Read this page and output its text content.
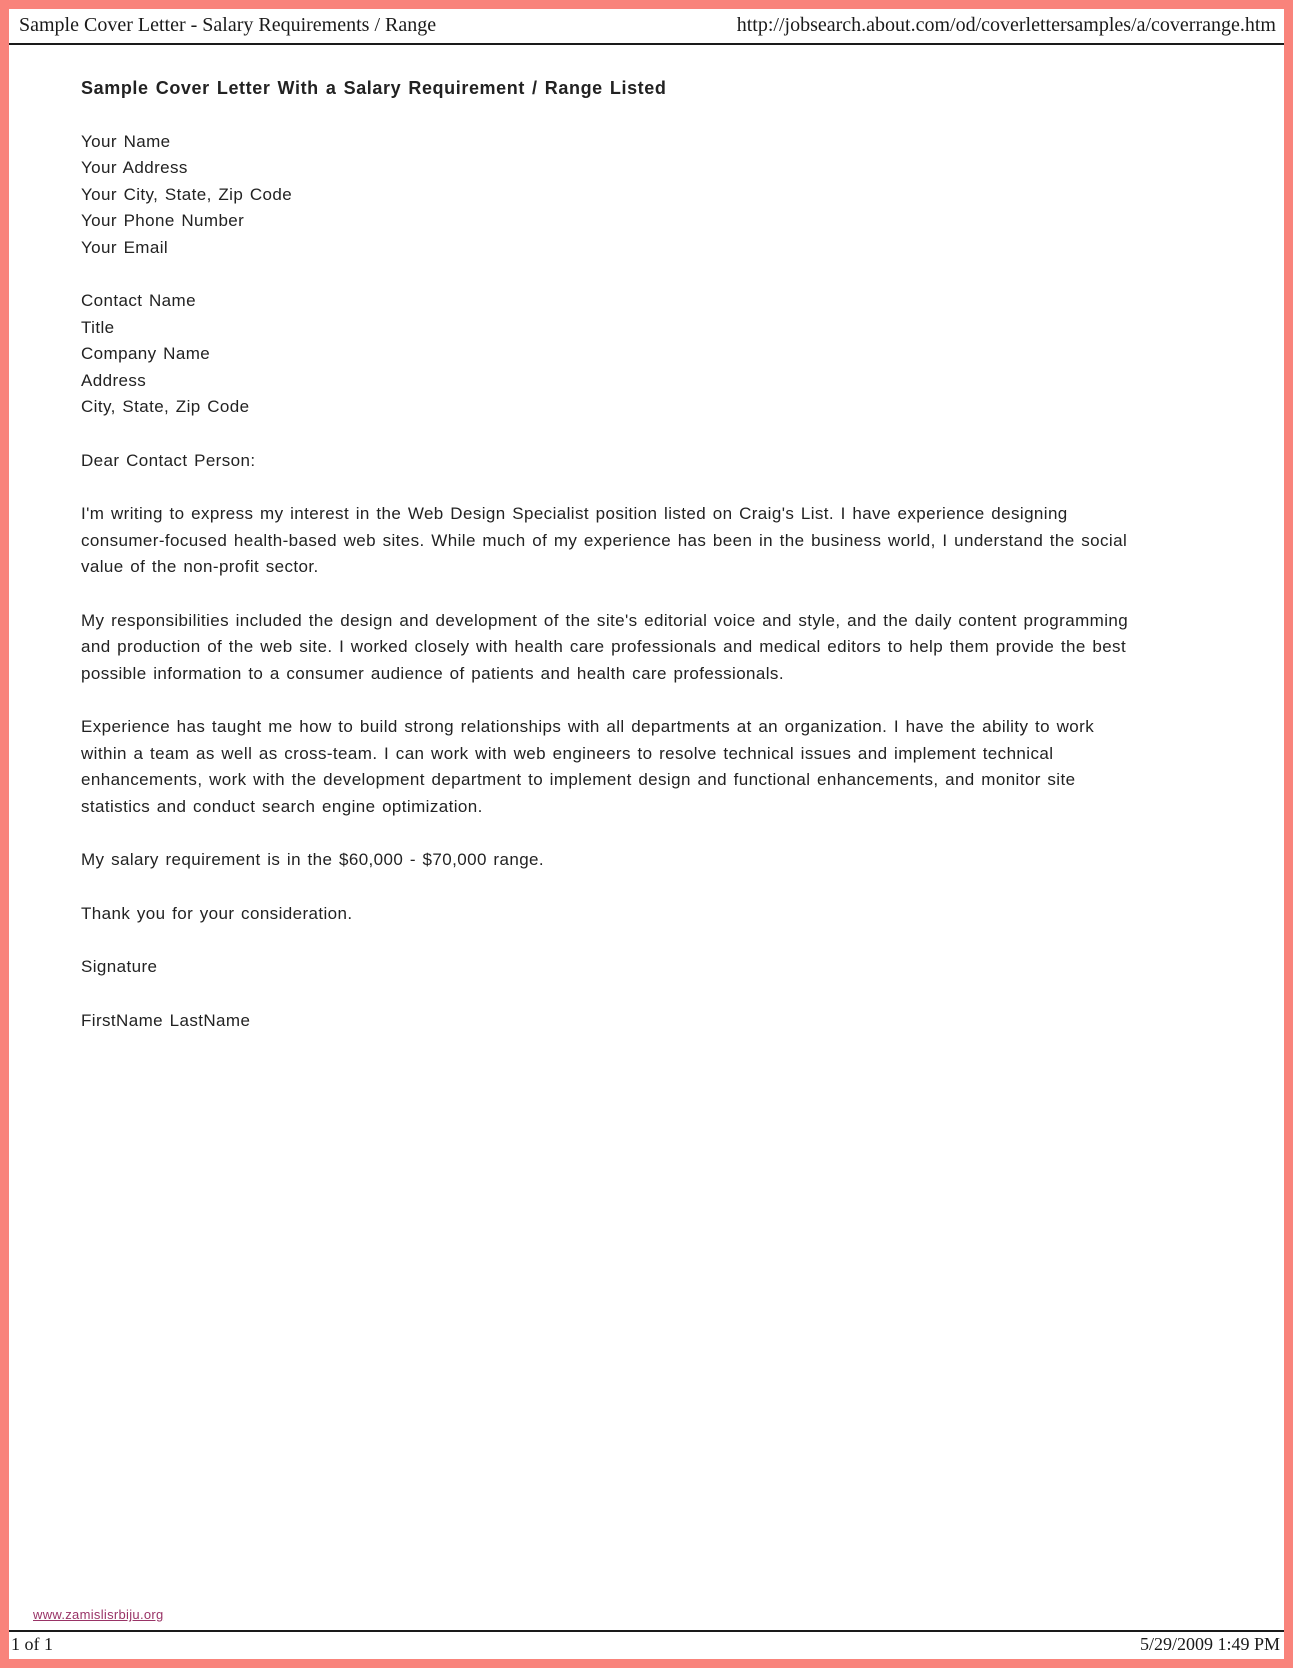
Sample Cover Letter - Salary Requirements / Range	http://jobsearch.about.com/od/coverlettersamples/a/coverrange.htm
Sample Cover Letter With a Salary Requirement / Range Listed
Your Name
Your Address
Your City, State, Zip Code
Your Phone Number
Your Email
Contact Name
Title
Company Name
Address
City, State, Zip Code
Dear Contact Person:

I'm writing to express my interest in the Web Design Specialist position listed on Craig's List. I have experience designing consumer-focused health-based web sites. While much of my experience has been in the business world, I understand the social value of the non-profit sector.

My responsibilities included the design and development of the site's editorial voice and style, and the daily content programming and production of the web site. I worked closely with health care professionals and medical editors to help them provide the best possible information to a consumer audience of patients and health care professionals.

Experience has taught me how to build strong relationships with all departments at an organization. I have the ability to work within a team as well as cross-team. I can work with web engineers to resolve technical issues and implement technical enhancements, work with the development department to implement design and functional enhancements, and monitor site statistics and conduct search engine optimization.

My salary requirement is in the $60,000 - $70,000 range.
Thank you for your consideration.
Signature
FirstName LastName
www.zamislisrbiju.org
1 of 1	5/29/2009 1:49 PM
